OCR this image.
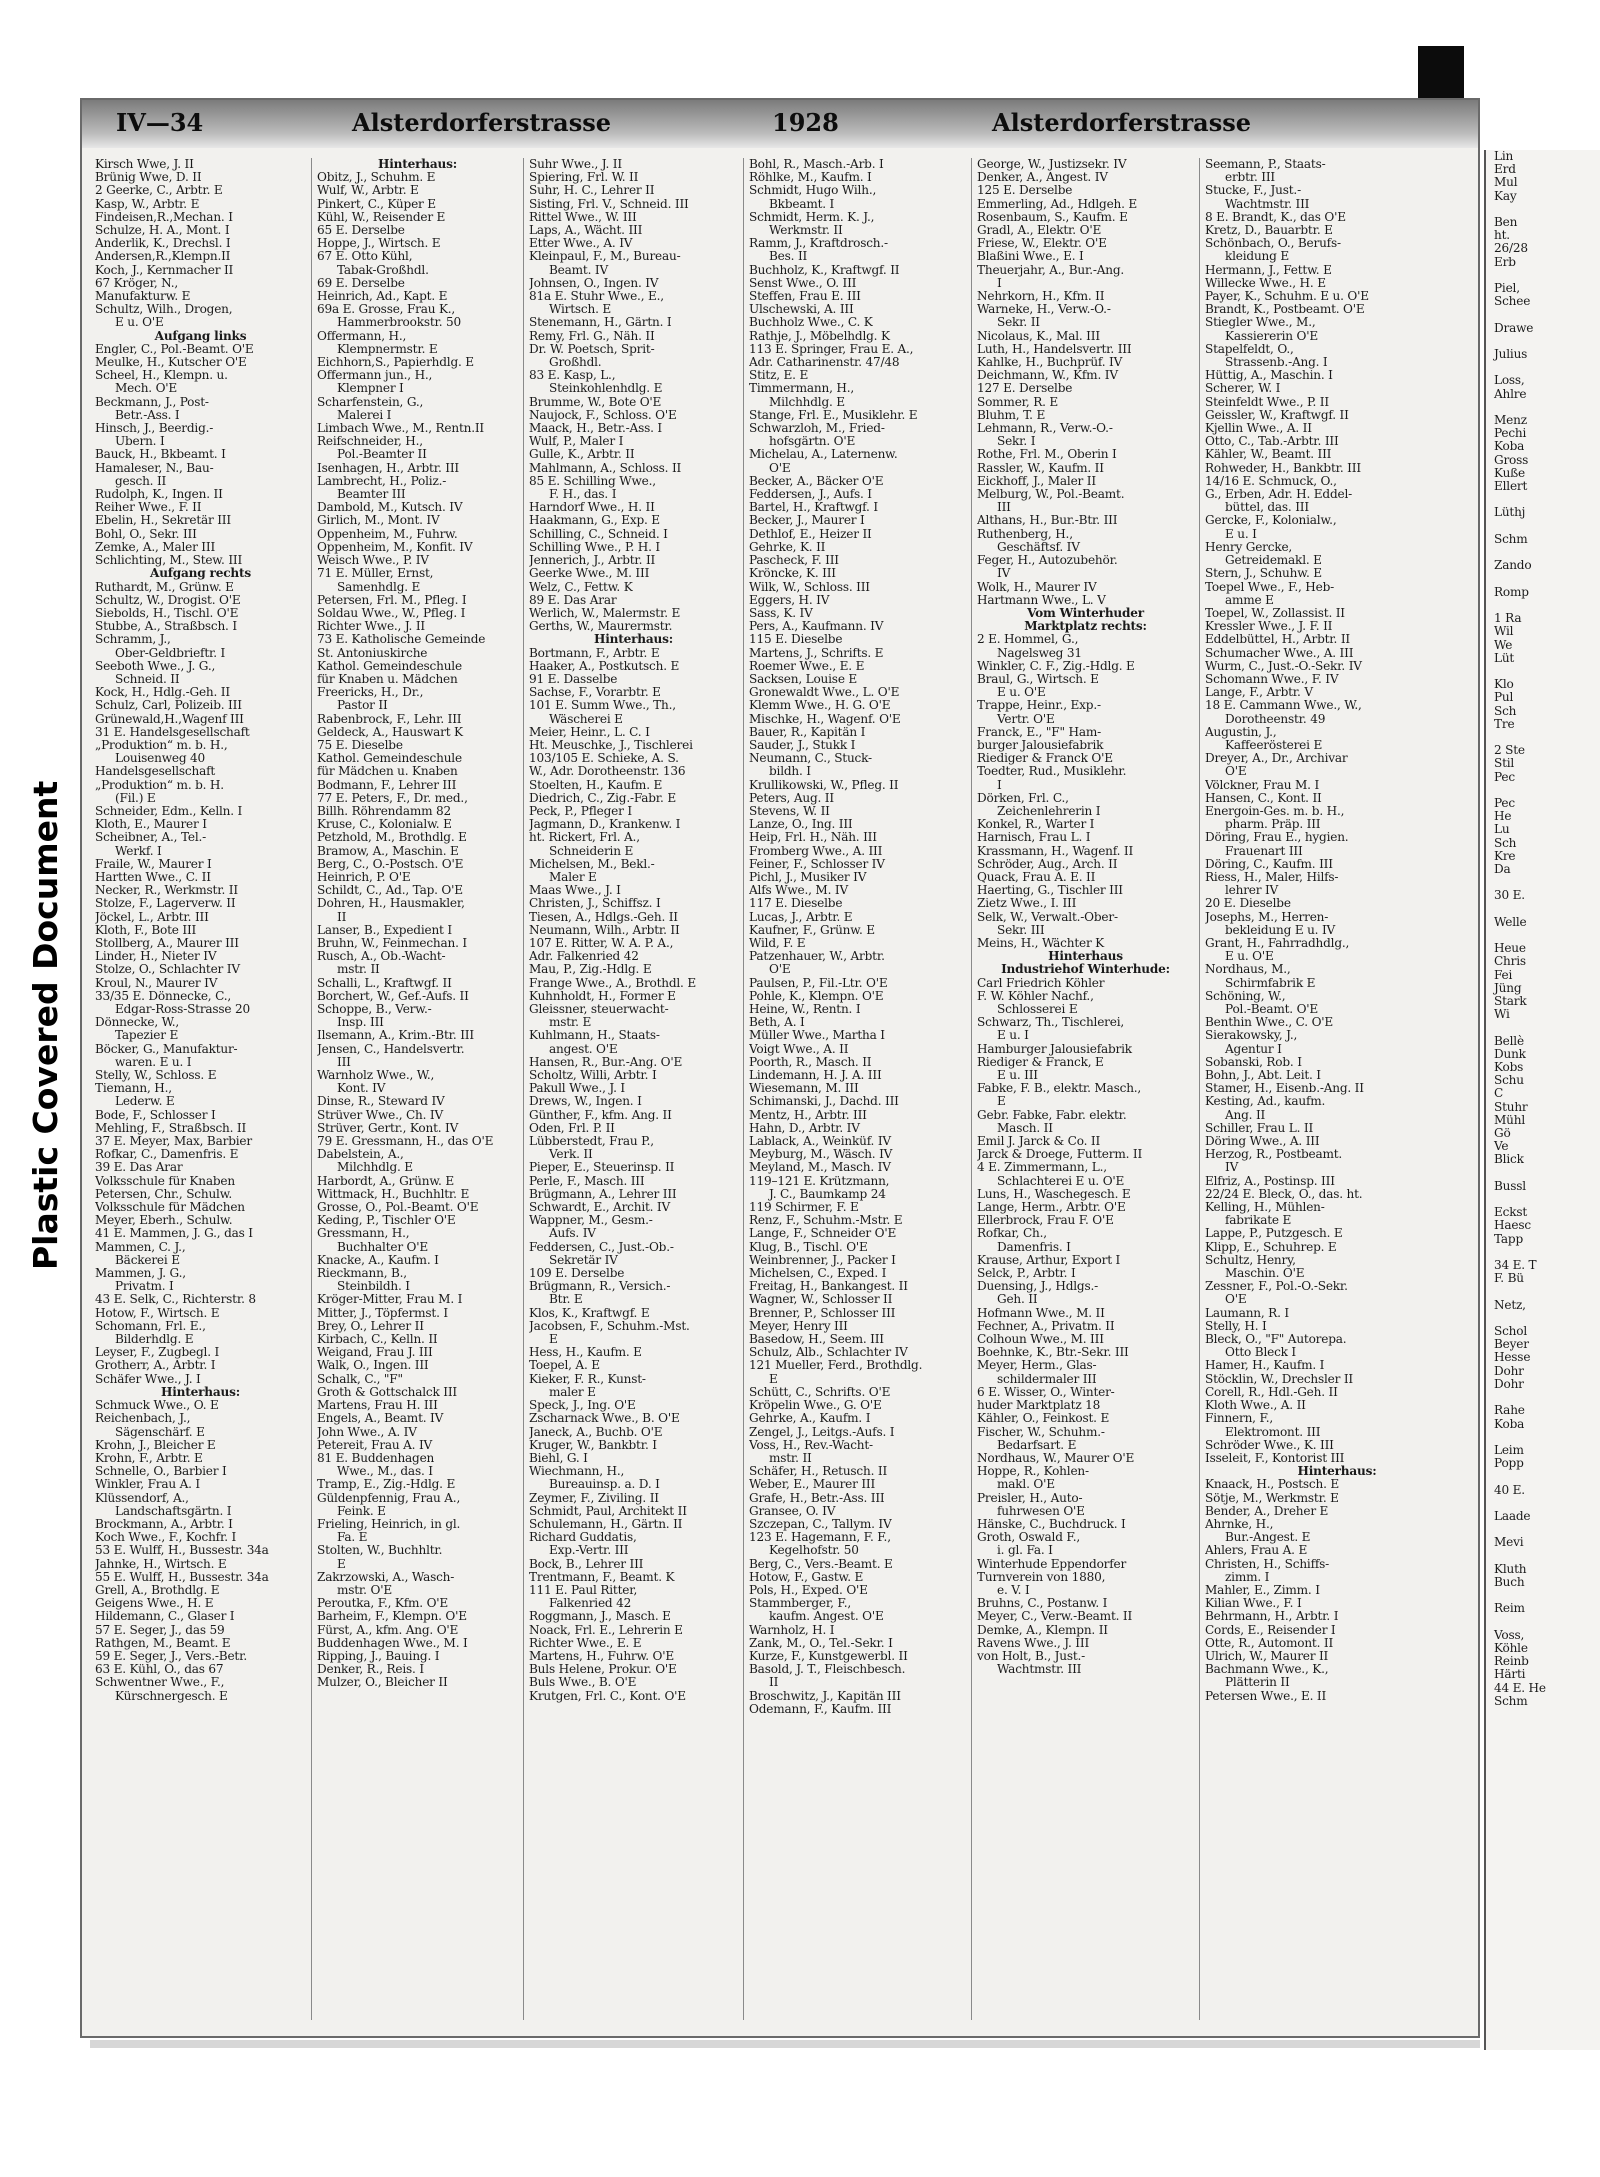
Plastic Covered Document
IV—34	Alsterdorferstrasse	1928	Alsterdorferstrasse
Kirsch Wwe, J. II
Brünig Wwe, D. II
2 Geerke, C., Arbtr. E
Kasp, W., Arbtr. E
Findeisen,R.,Mechan. I
Schulze, H. A., Mont. I
Anderlik, K., Drechsl. I
Andersen,R.,Klempn.II
Koch, J., Kernmacher II
67 Kröger, N.,
Manufakturw. E
Schultz, Wilh., Drogen,
E u. O'E
Aufgang links
Engler, C., Pol.-Beamt. O'E
Meulke, H., Kutscher O'E
Scheel, H., Klempn. u.
Mech. O'E
Beckmann, J., Post-
Betr.-Ass. I
Hinsch, J., Beerdig.-
Übern. I
Bauck, H., Bkbeamt. I
Hamaleser, N., Bau-
gesch. II
Rudolph, K., Ingen. II
Reiher Wwe., F. II
Ebelin, H., Sekretär III
Bohl, O., Sekr. III
Zemke, A., Maler III
Schlichting, M., Stew. III
Aufgang rechts
Ruthardt, M., Grünw. E
Schultz, W., Drogist. O'E
Siebolds, H., Tischl. O'E
Stubbe, A., Straßbsch. I
Schramm, J.,
Ober-Geldbrieftr. I
Seeboth Wwe., J. G.,
Schneid. II
Kock, H., Hdlg.-Geh. II
Schulz, Carl, Polizeib. III
Grünewald,H.,Wagenf III
31 E. Handelsgesellschaft
„Produktion“ m. b. H.,
Louisenweg 40
Handelsgesellschaft
„Produktion“ m. b. H.
(Fil.) E
Schneider, Edm., Kelln. I
Kloth, E., Maurer I
Scheibner, A., Tel.-
Werkf. I
Fraile, W., Maurer I
Hartten Wwe., C. II
Necker, R., Werkmstr. II
Stolze, F., Lagerverw. II
Jöckel, L., Arbtr. III
Kloth, F., Bote III
Stollberg, A., Maurer III
Linder, H., Nieter IV
Stolze, O., Schlachter IV
Kroul, N., Maurer IV
33/35 E. Dönnecke, C.,
Edgar-Ross-Strasse 20
Dönnecke, W.,
Tapezier E
Böcker, G., Manufaktur-
waren. E u. I
Stelly, W., Schloss. E
Tiemann, H.,
Lederw. E
Bode, F., Schlosser I
Mehling, F., Straßbsch. II
37 E. Meyer, Max, Barbier
Rofkar, C., Damenfris. E
39 E. Das Ärar
Volksschule für Knaben
Petersen, Chr., Schulw.
Volksschule für Mädchen
Meyer, Eberh., Schulw.
41 E. Mammen, J. G., das I
Mammen, C. J.,
Bäckerei E
Mammen, J. G.,
Privatm. I
43 E. Selk, C., Richterstr. 8
Hotow, F., Wirtsch. E
Schomann, Frl. E.,
Bilderhdlg. E
Leyser, F., Zugbegl. I
Grotherr, A., Arbtr. I
Schäfer Wwe., J. I
Hinterhaus:
Schmuck Wwe., O. E
Reichenbach, J.,
Sägenschärf. E
Krohn, J., Bleicher E
Krohn, F., Arbtr. E
Schnelle, O., Barbier I
Winkler, Frau A. I
Klüssendorf, A.,
Landschaftsgärtn. I
Brockmann, A., Arbtr. I
Koch Wwe., F., Kochfr. I
53 E. Wulff, H., Bussestr. 34a
Jahnke, H., Wirtsch. E
55 E. Wulff, H., Bussestr. 34a
Grell, A., Brothdlg. E
Geigens Wwe., H. E
Hildemann, C., Glaser I
57 E. Seger, J., das 59
Rathgen, M., Beamt. E
59 E. Seger, J., Vers.-Betr.
63 E. Kühl, O., das 67
Schwentner Wwe., F.,
Kürschnergesch. E
Hinterhaus:
Obitz, J., Schuhm. E
Wulf, W., Arbtr. E
Pinkert, C., Küper E
Kühl, W., Reisender E
65 E. Derselbe
Hoppe, J., Wirtsch. E
67 E. Otto Kühl,
Tabak-Großhdl.
69 E. Derselbe
Heinrich, Ad., Kapt. E
69a E. Grosse, Frau K.,
Hammerbrookstr. 50
Offermann, H.,
Klempnermstr. E
Eichhorn,S., Papierhdlg. E
Offermann jun., H.,
Klempner I
Scharfenstein, G.,
Malerei I
Limbach Wwe., M., Rentn.II
Reifschneider, H.,
Pol.-Beamter II
Isenhagen, H., Arbtr. III
Lambrecht, H., Poliz.-
Beamter III
Dambold, M., Kutsch. IV
Girlich, M., Mont. IV
Oppenheim, M., Fuhrw.
Oppenheim, M., Konfit. IV
Weisch Wwe., P. IV
71 E. Müller, Ernst,
Samenhdlg. E
Petersen, Frl. M., Pfleg. I
Soldau Wwe., W., Pfleg. I
Richter Wwe., J. II
73 E. Katholische Gemeinde
St. Antoniuskirche
Kathol. Gemeindeschule
für Knaben u. Mädchen
Freericks, H., Dr.,
Pastor II
Rabenbrock, F., Lehr. III
Geldeck, A., Hauswart K
75 E. Dieselbe
Kathol. Gemeindeschule
für Mädchen u. Knaben
Bodmann, F., Lehrer III
77 E. Peters, F., Dr. med.,
Billh. Röhrendamm 82
Kruse, C., Kolonialw. E
Petzhold, M., Brothdlg. E
Bramow, A., Maschin. E
Berg, C., O.-Postsch. O'E
Heinrich, P. O'E
Schildt, C., Ad., Tap. O'E
Dohren, H., Hausmakler,
II
Lanser, B., Expedient I
Bruhn, W., Feinmechan. I
Rusch, A., Ob.-Wacht-
mstr. II
Schalli, L., Kraftwgf. II
Borchert, W., Gef.-Aufs. II
Schoppe, B., Verw.-
Insp. III
Ilsemann, A., Krim.-Btr. III
Jensen, C., Handelsvertr.
III
Warnholz Wwe., W.,
Kont. IV
Dinse, R., Steward IV
Strüver Wwe., Ch. IV
Strüver, Gertr., Kont. IV
79 E. Gressmann, H., das O'E
Dabelstein, A.,
Milchhdlg. E
Harbordt, A., Grünw. E
Wittmack, H., Buchhltr. E
Grosse, O., Pol.-Beamt. O'E
Keding, P., Tischler O'E
Gressmann, H.,
Buchhalter O'E
Knacke, A., Kaufm. I
Rieckmann, B.,
Steinbildh. I
Kröger-Mitter, Frau M. I
Mitter, J., Töpfermst. I
Brey, O., Lehrer II
Kirbach, C., Kelln. II
Weigand, Frau J. III
Walk, O., Ingen. III
Schalk, C., "F"
Groth & Gottschalck III
Martens, Frau H. III
Engels, A., Beamt. IV
John Wwe., A. IV
Petereit, Frau A. IV
81 E. Buddenhagen
Wwe., M., das. I
Tramp, E., Zig.-Hdlg. E
Güldenpfennig, Frau A.,
Feink. E
Frieling, Heinrich, in gl.
Fa. E
Stolten, W., Buchhltr.
E
Zakrzowski, A., Wasch-
mstr. O'E
Peroutka, F., Kfm. O'E
Barheim, F., Klempn. O'E
Fürst, A., kfm. Ang. O'E
Buddenhagen Wwe., M. I
Ripping, J., Bauing. I
Denker, R., Reis. I
Mulzer, O., Bleicher II
Suhr Wwe., J. II
Spiering, Frl. W. II
Suhr, H. C., Lehrer II
Sisting, Frl. V., Schneid. III
Rittel Wwe., W. III
Laps, A., Wächt. III
Etter Wwe., A. IV
Kleinpaul, F., M., Bureau-
Beamt. IV
Johnsen, O., Ingen. IV
81a E. Stuhr Wwe., E.,
Wirtsch. E
Stenemann, H., Gärtn. I
Remy, Frl. G., Näh. II
Dr. W. Poetsch, Sprit-
Großhdl.
83 E. Kasp, L.,
Steinkohlenhdlg. E
Brumme, W., Bote O'E
Naujock, F., Schloss. O'E
Maack, H., Betr.-Ass. I
Wulf, P., Maler I
Gulle, K., Arbtr. II
Mahlmann, A., Schloss. II
85 E. Schilling Wwe.,
F. H., das. I
Harndorf Wwe., H. II
Haakmann, G., Exp. E
Schilling, C., Schneid. I
Schilling Wwe., P. H. I
Jennerich, J., Arbtr. II
Geerke Wwe., M. III
Welz, C., Fettw. K
89 E. Das Ärar
Werlich, W., Malermstr. E
Gerths, W., Maurermstr.
Hinterhaus:
Bortmann, F., Arbtr. E
Haaker, A., Postkutsch. E
91 E. Dasselbe
Sachse, F., Vorarbtr. E
101 E. Summ Wwe., Th.,
Wäscherei E
Meier, Heinr., L. C. I
Ht. Meuschke, J., Tischlerei
103/105 E. Schieke, A. S.
W., Adr. Dorotheenstr. 136
Stoelten, H., Kaufm. E
Diedrich, C., Zig.-Fabr. E
Peck, P., Pfleger I
Jagmann, D., Krankenw. I
ht. Rickert, Frl. A.,
Schneiderin E
Michelsen, M., Bekl.-
Maler E
Maas Wwe., J. I
Christen, J., Schiffsz. I
Tiesen, A., Hdlgs.-Geh. II
Neumann, Wilh., Arbtr. II
107 E. Ritter, W. A. P. A.,
Adr. Falkenried 42
Mau, P., Zig.-Hdlg. E
Frange Wwe., A., Brothdl. E
Kuhnholdt, H., Former E
Gleissner, steuerwacht-
mstr. E
Kuhlmann, H., Staats-
angest. O'E
Hansen, R., Bur.-Ang. O'E
Scholtz, Willi, Arbtr. I
Pakull Wwe., J. I
Drews, W., Ingen. I
Günther, F., kfm. Ang. II
Oden, Frl. P. II
Lübberstedt, Frau P.,
Verk. II
Pieper, E., Steuerinsp. II
Perle, F., Masch. III
Brügmann, A., Lehrer III
Schwardt, E., Archit. IV
Wappner, M., Gesm.-
Aufs. IV
Feddersen, C., Just.-Ob.-
Sekretär IV
109 E. Derselbe
Brügmann, R., Versich.-
Btr. E
Klos, K., Kraftwgf. E
Jacobsen, F., Schuhm.-Mst.
E
Hess, H., Kaufm. E
Toepel, A. E
Kieker, F. R., Kunst-
maler E
Speck, J., Ing. O'E
Zscharnack Wwe., B. O'E
Janeck, A., Buchb. O'E
Kruger, W., Bankbtr. I
Biehl, G. I
Wiechmann, H.,
Bureauinsp. a. D. I
Zeymer, F., Ziviling. II
Schmidt, Paul, Architekt II
Schulemann, H., Gärtn. II
Richard Guddatis,
Exp.-Vertr. III
Bock, B., Lehrer III
Trentmann, F., Beamt. K
111 E. Paul Ritter,
Falkenried 42
Roggmann, J., Masch. E
Noack, Frl. E., Lehrerin E
Richter Wwe., E. E
Martens, H., Fuhrw. O'E
Buls Helene, Prokur. O'E
Buls Wwe., B. O'E
Krutgen, Frl. C., Kont. O'E
Bohl, R., Masch.-Arb. I
Röhlke, M., Kaufm. I
Schmidt, Hugo Wilh.,
Bkbeamt. I
Schmidt, Herm. K. J.,
Werkmstr. II
Ramm, J., Kraftdrosch.-
Bes. II
Buchholz, K., Kraftwgf. II
Senst Wwe., O. III
Steffen, Frau E. III
Ulschewski, A. III
Buchholz Wwe., C. K
Rathje, J., Möbelhdlg. K
113 E. Springer, Frau E. A.,
Adr. Catharinenstr. 47/48
Stitz, E. E
Timmermann, H.,
Milchhdlg. E
Stange, Frl. E., Musiklehr. E
Schwarzloh, M., Fried-
hofsgärtn. O'E
Michelau, A., Laternenw.
O'E
Becker, A., Bäcker O'E
Feddersen, J., Aufs. I
Bartel, H., Kraftwgf. I
Becker, J., Maurer I
Dethlof, E., Heizer II
Gehrke, K. II
Pascheck, F. III
Kröncke, K. III
Wilk, W., Schloss. III
Eggers, H. IV
Sass, K. IV
Pers, A., Kaufmann. IV
115 E. Dieselbe
Martens, J., Schrifts. E
Roemer Wwe., E. E
Sacksen, Louise E
Gronewaldt Wwe., L. O'E
Klemm Wwe., H. G. O'E
Mischke, H., Wagenf. O'E
Bauer, R., Kapitän I
Sauder, J., Stukk I
Neumann, C., Stuck-
bildh. I
Krullikowski, W., Pfleg. II
Peters, Aug. II
Stevens, W. II
Lanze, O., Ing. III
Heip, Frl. H., Näh. III
Fromberg Wwe., A. III
Feiner, F., Schlosser IV
Pichl, J., Musiker IV
Alfs Wwe., M. IV
117 E. Dieselbe
Lucas, J., Arbtr. E
Kaufner, F., Grünw. E
Wild, F. E
Patzenhauer, W., Arbtr.
O'E
Paulsen, P., Fil.-Ltr. O'E
Pohle, K., Klempn. O'E
Heine, W., Rentn. I
Beth, A. I
Müller Wwe., Martha I
Voigt Wwe., A. II
Poorth, R., Masch. II
Lindemann, H. J. A. III
Wiesemann, M. III
Schimanski, J., Dachd. III
Mentz, H., Arbtr. III
Hahn, D., Arbtr. IV
Lablack, A., Weinküf. IV
Meyburg, M., Wäsch. IV
Meyland, M., Masch. IV
119–121 E. Krützmann,
J. C., Baumkamp 24
119 Schirmer, F. E
Renz, F., Schuhm.-Mstr. E
Lange, F., Schneider O'E
Klug, B., Tischl. O'E
Weinbrenner, J., Packer I
Michelsen, C., Exped. I
Freitag, H., Bankangest. II
Wagner, W., Schlosser II
Brenner, P., Schlosser III
Meyer, Henry III
Basedow, H., Seem. III
Schulz, Alb., Schlachter IV
121 Mueller, Ferd., Brothdlg.
E
Schütt, C., Schrifts. O'E
Kröpelin Wwe., G. O'E
Gehrke, A., Kaufm. I
Zengel, J., Leitgs.-Aufs. I
Voss, H., Rev.-Wacht-
mstr. II
Schäfer, H., Retusch. II
Weber, E., Maurer III
Grafe, H., Betr.-Ass. III
Gransee, O. IV
Szczepan, C., Tallym. IV
123 E. Hagemann, F. F.,
Kegelhofstr. 50
Berg, C., Vers.-Beamt. E
Hotow, F., Gastw. E
Pols, H., Exped. O'E
Stammberger, F.,
kaufm. Angest. O'E
Warnholz, H. I
Zank, M., O., Tel.-Sekr. I
Kurze, F., Kunstgewerbl. II
Basold, J. T., Fleischbesch.
II
Broschwitz, J., Kapitän III
Odemann, F., Kaufm. III
George, W., Justizsekr. IV
Denker, A., Angest. IV
125 E. Derselbe
Emmerling, Ad., Hdlgeh. E
Rosenbaum, S., Kaufm. E
Gradl, A., Elektr. O'E
Friese, W., Elektr. O'E
Blaßini Wwe., E. I
Theuerjahr, A., Bur.-Ang.
I
Nehrkorn, H., Kfm. II
Warneke, H., Verw.-O.-
Sekr. II
Nicolaus, K., Mal. III
Luth, H., Handelsvertr. III
Kahlke, H., Buchprüf. IV
Deichmann, W., Kfm. IV
127 E. Derselbe
Sommer, R. E
Bluhm, T. E
Lehmann, R., Verw.-O.-
Sekr. I
Rothe, Frl. M., Oberin I
Rassler, W., Kaufm. II
Eickhoff, J., Maler II
Melburg, W., Pol.-Beamt.
III
Althans, H., Bur.-Btr. III
Ruthenberg, H.,
Geschäftsf. IV
Feger, H., Autozubehör.
IV
Wolk, H., Maurer IV
Hartmann Wwe., L. V
Vom Winterhuder
Marktplatz rechts:
2 E. Hommel, G.,
Nagelsweg 31
Winkler, C. F., Zig.-Hdlg. E
Braul, G., Wirtsch. E
E u. O'E
Trappe, Heinr., Exp.-
Vertr. O'E
Franck, E., "F" Ham-
burger Jalousiefabrik
Riediger & Franck O'E
Toedter, Rud., Musiklehr.
I
Dörken, Frl. C.,
Zeichenlehrerin I
Konkel, R., Warter I
Harnisch, Frau L. I
Krassmann, H., Wagenf. II
Schröder, Aug., Arch. II
Quack, Frau A. E. II
Haerting, G., Tischler III
Zietz Wwe., I. III
Selk, W., Verwalt.-Ober-
Sekr. III
Meins, H., Wächter K
Hinterhaus
Industriehof Winterhude:
Carl Friedrich Köhler
F. W. Köhler Nachf.,
Schlosserei E
Schwarz, Th., Tischlerei,
E u. I
Hamburger Jalousiefabrik
Riediger & Franck, E
E u. III
Fabke, F. B., elektr. Masch.,
E
Gebr. Fabke, Fabr. elektr.
Masch. II
Emil J. Jarck & Co. II
Jarck & Droege, Futterm. II
4 E. Zimmermann, L.,
Schlachterei E u. O'E
Luns, H., Waschegesch. E
Lange, Herm., Arbtr. O'E
Ellerbrock, Frau F. O'E
Rofkar, Ch.,
Damenfris. I
Krause, Arthur, Export I
Selck, P., Arbtr. I
Duensing, J., Hdlgs.-
Geh. II
Hofmann Wwe., M. II
Fechner, A., Privatm. II
Colhoun Wwe., M. III
Boehnke, K., Btr.-Sekr. III
Meyer, Herm., Glas-
schildermaler III
6 E. Wisser, O., Winter-
huder Marktplatz 18
Kähler, O., Feinkost. E
Fischer, W., Schuhm.-
Bedarfsart. E
Nordhaus, W., Maurer O'E
Hoppe, R., Kohlen-
makl. O'E
Preisler, H., Auto-
fuhrwesen O'E
Hänske, C., Buchdruck. I
Groth, Oswald F.,
i. gl. Fa. I
Winterhude Eppendorfer
Turnverein von 1880,
e. V. I
Bruhns, C., Postanw. I
Meyer, C., Verw.-Beamt. II
Demke, A., Klempn. II
Ravens Wwe., J. III
von Holt, B., Just.-
Wachtmstr. III
Seemann, P., Staats-
erbtr. III
Stucke, F., Just.-
Wachtmstr. III
8 E. Brandt, K., das O'E
Kretz, D., Bauarbtr. E
Schönbach, O., Berufs-
kleidung E
Hermann, J., Fettw. E
Willecke Wwe., H. E
Payer, K., Schuhm. E u. O'E
Brandt, K., Postbeamt. O'E
Stiegler Wwe., M.,
Kassiererin O'E
Stapelfeldt, O.,
Strassenb.-Ang. I
Hüttig, A., Maschin. I
Scherer, W. I
Steinfeldt Wwe., P. II
Geissler, W., Kraftwgf. II
Kjellin Wwe., A. II
Otto, C., Tab.-Arbtr. III
Kähler, W., Beamt. III
Rohweder, H., Bankbtr. III
14/16 E. Schmuck, O.,
G., Erben, Adr. H. Eddel-
büttel, das. III
Gercke, F., Kolonialw.,
E u. I
Henry Gercke,
Getreidemakl. E
Stern, J., Schuhw. E
Toepel Wwe., F., Heb-
amme E
Toepel, W., Zollassist. II
Kressler Wwe., J. F. II
Eddelbüttel, H., Arbtr. II
Schumacher Wwe., A. III
Wurm, C., Just.-O.-Sekr. IV
Schomann Wwe., F. IV
Lange, F., Arbtr. V
18 E. Cammann Wwe., W.,
Dorotheenstr. 49
Augustin, J.,
Kaffeerösterei E
Dreyer, A., Dr., Archivar
O'E
Völckner, Frau M. I
Hansen, C., Kont. II
Energoin-Ges. m. b. H.,
pharm. Präp. III
Döring, Frau E., hygien.
Frauenart III
Döring, C., Kaufm. III
Riess, H., Maler, Hilfs-
lehrer IV
20 E. Dieselbe
Josephs, M., Herren-
bekleidung E u. IV
Grant, H., Fahrradhdlg.,
E u. O'E
Nordhaus, M.,
Schirmfabrik E
Schöning, W.,
Pol.-Beamt. O'E
Benthin Wwe., C. O'E
Sierakowsky, J.,
Agentur I
Sobanski, Rob. I
Bohn, J., Abt. Leit. I
Stamer, H., Eisenb.-Ang. II
Kesting, Ad., kaufm.
Ang. II
Schiller, Frau L. II
Döring Wwe., A. III
Herzog, R., Postbeamt.
IV
Elfriz, A., Postinsp. III
22/24 E. Bleck, O., das. ht.
Kelling, H., Mühlen-
fabrikate E
Lappe, P., Putzgesch. E
Klipp, E., Schuhrep. E
Schultz, Henry,
Maschin. O'E
Zessner, F., Pol.-O.-Sekr.
O'E
Laumann, R. I
Stelly, H. I
Bleck, O., "F" Autorepa.
Otto Bleck I
Hamer, H., Kaufm. I
Stöcklin, W., Drechsler II
Corell, R., Hdl.-Geh. II
Kloth Wwe., A. II
Finnern, F.,
Elektromont. III
Schröder Wwe., K. III
Isseleit, F., Kontorist III
Hinterhaus:
Knaack, H., Postsch. E
Sötje, M., Werkmstr. E
Bender, A., Dreher E
Ahrnke, H.,
Bur.-Angest. E
Ahlers, Frau A. E
Christen, H., Schiffs-
zimm. I
Mahler, E., Zimm. I
Kilian Wwe., F. I
Behrmann, H., Arbtr. I
Cords, E., Reisender I
Otte, R., Automont. II
Ulrich, W., Maurer II
Bachmann Wwe., K.,
Plätterin II
Petersen Wwe., E. II
Lin
Erd
Mul
Kay

Ben
ht.
26/28
Erb

Piel,
Schee

Drawe

Julius

Loss,
Ahlre

Menz
Pechi
Koba
Gross
Kuße
Ellert

Lüthj

Schm

Zando

Romp

1 Ra
Wil
We
Lüt

Klo
Pul
Sch
Tre

2 Ste
Stil
Pec

Pec
He
Lu
Sch
Kre
Da

30 E.

Welle

Heue
Chris
Fei
Jüng
Stark
Wi

Bellè
Dunk
Kobs
Schu
C
Stuhr
Mühl
Gö
Ve
Blick

Bussl

Eckst
Haesc
Tapp

34 E. T
F. Bü

Netz,

Schol
Beyer
Hesse
Dohr
Dohr

Rahe
Koba

Leim
Popp

40 E.

Laade

Mevi

Kluth
Buch

Reim

Voss,
Köhle
Reinb
Härti
44 E. He
Schm
